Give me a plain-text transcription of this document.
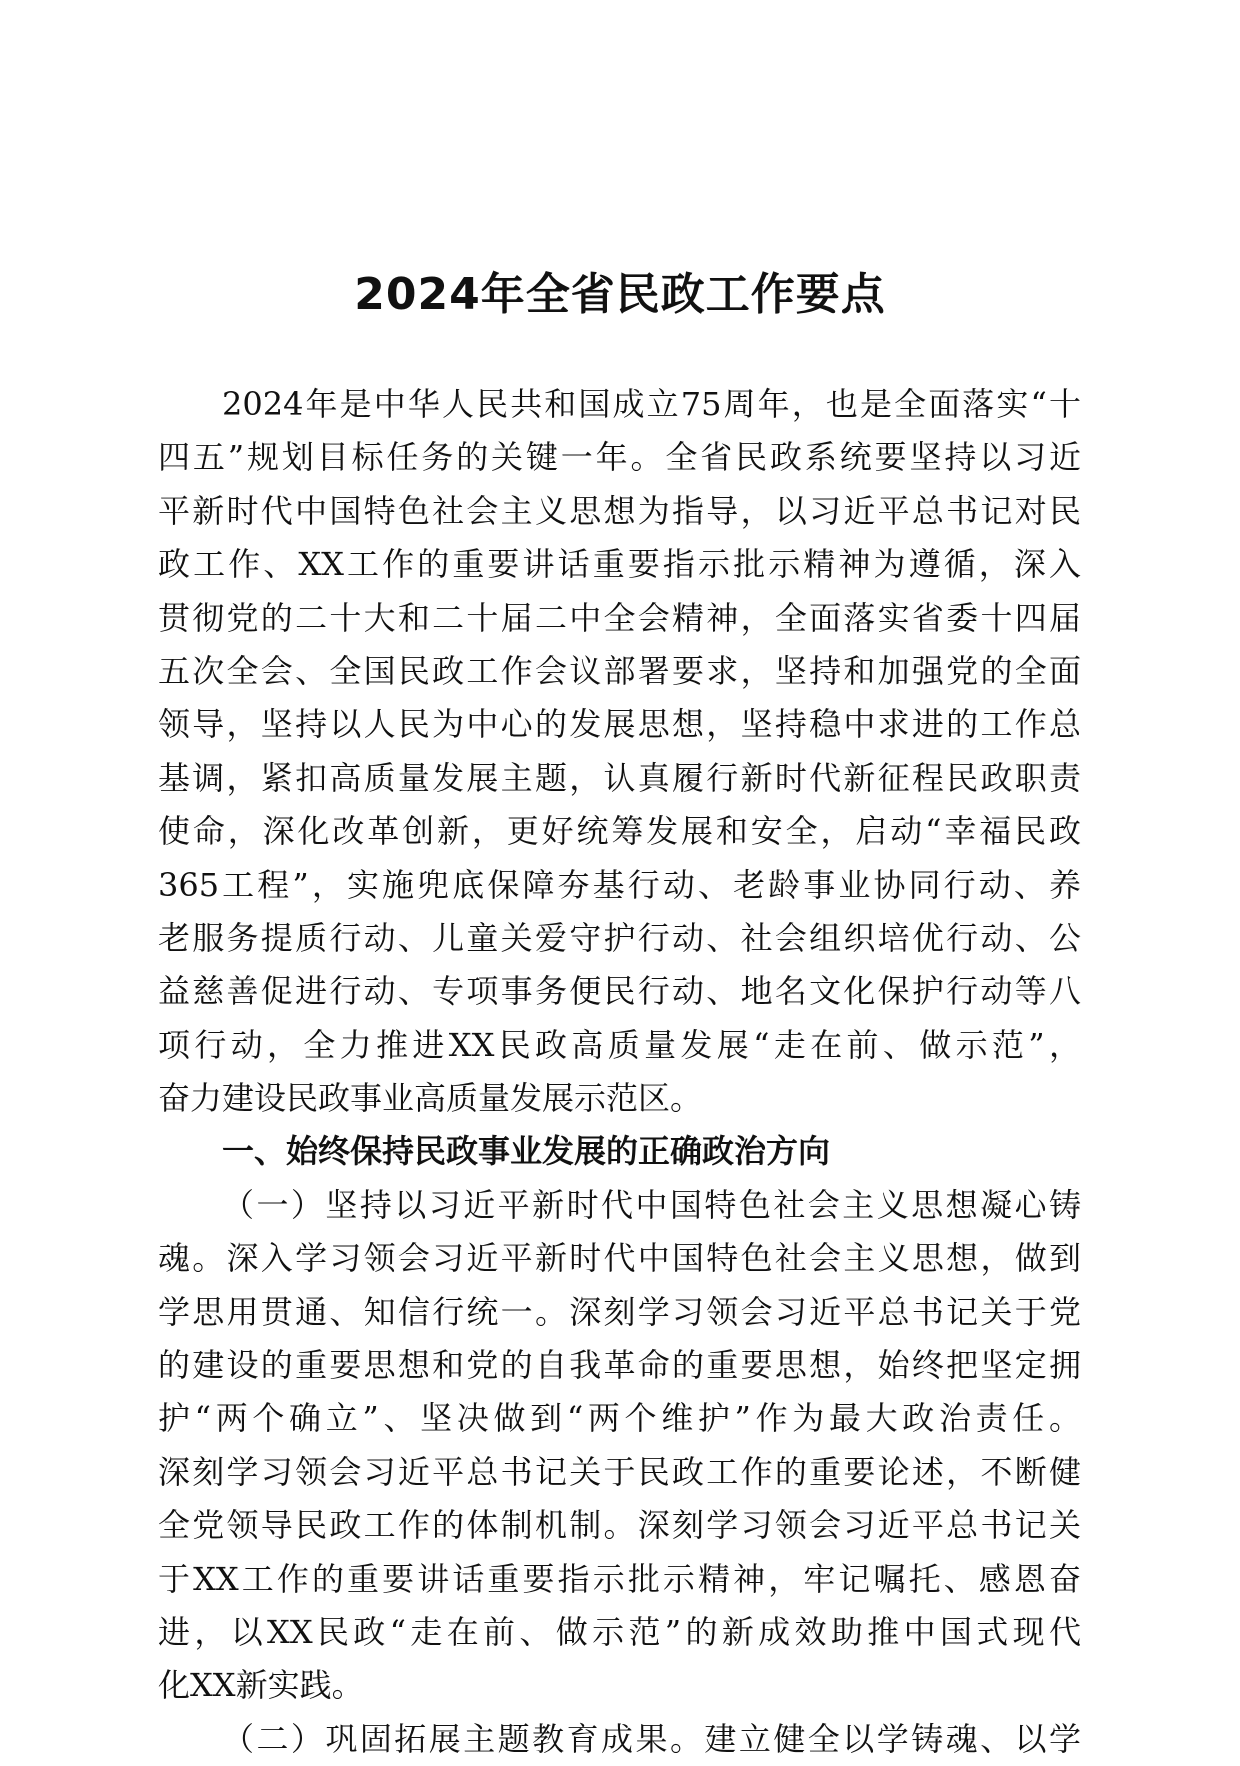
2024年全省民政工作要点
2024年是中华人民共和国成立75周年，也是全面落实“十
四五”规划目标任务的关键一年。全省民政系统要坚持以习近
平新时代中国特色社会主义思想为指导，以习近平总书记对民
政工作、XX工作的重要讲话重要指示批示精神为遵循，深入
贯彻党的二十大和二十届二中全会精神，全面落实省委十四届
五次全会、全国民政工作会议部署要求，坚持和加强党的全面
领导，坚持以人民为中心的发展思想，坚持稳中求进的工作总
基调，紧扣高质量发展主题，认真履行新时代新征程民政职责
使命，深化改革创新，更好统筹发展和安全，启动“幸福民政
365工程”，实施兜底保障夯基行动、老龄事业协同行动、养
老服务提质行动、儿童关爱守护行动、社会组织培优行动、公
益慈善促进行动、专项事务便民行动、地名文化保护行动等八
项行动，全力推进XX民政高质量发展“走在前、做示范”，
奋力建设民政事业高质量发展示范区。
一、始终保持民政事业发展的正确政治方向
（一）坚持以习近平新时代中国特色社会主义思想凝心铸
魂。深入学习领会习近平新时代中国特色社会主义思想，做到
学思用贯通、知信行统一。深刻学习领会习近平总书记关于党
的建设的重要思想和党的自我革命的重要思想，始终把坚定拥
护“两个确立”、坚决做到“两个维护”作为最大政治责任。
深刻学习领会习近平总书记关于民政工作的重要论述，不断健
全党领导民政工作的体制机制。深刻学习领会习近平总书记关
于XX工作的重要讲话重要指示批示精神，牢记嘱托、感恩奋
进，以XX民政“走在前、做示范”的新成效助推中国式现代
化XX新实践。
（二）巩固拓展主题教育成果。建立健全以学铸魂、以学
